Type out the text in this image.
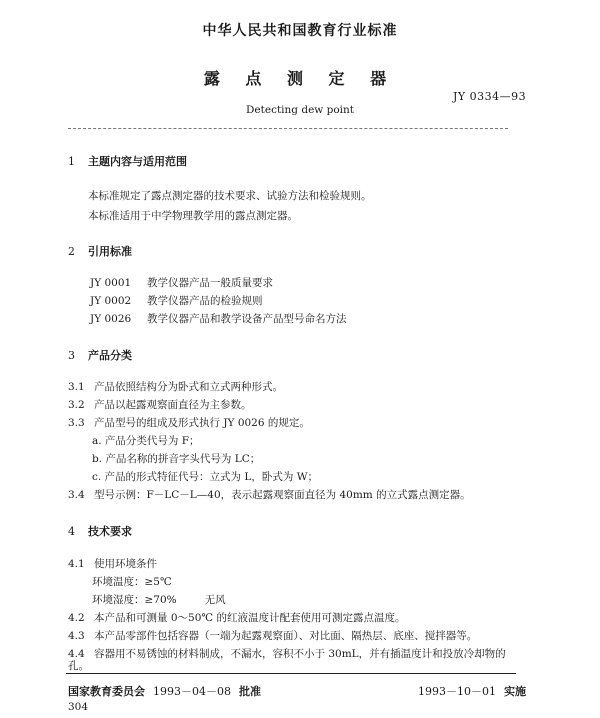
中华人民共和国教育行业标准
露 点 测 定 器
JY 0334—93
Detecting dew point
1 主题内容与适用范围
本标准规定了露点测定器的技术要求、试验方法和检验规则。
本标准适用于中学物理教学用的露点测定器。
2 引用标准
JY 0001 教学仪器产品一般质量要求
JY 0002 教学仪器产品的检验规则
JY 0026 教学仪器产品和教学设备产品型号命名方法
3 产品分类
3.1 产品依照结构分为卧式和立式两种形式。
3.2 产品以起露观察面直径为主参数。
3.3 产品型号的组成及形式执行 JY 0026 的规定。
a. 产品分类代号为 F；
b. 产品名称的拼音字头代号为 LC；
c. 产品的形式特征代号：立式为 L，卧式为 W；
3.4 型号示例：F－LC－L—40，表示起露观察面直径为 40mm 的立式露点测定器。
4 技术要求
4.1 使用环境条件
环境温度：≥5℃
环境湿度：≥70%	无风
4.2 本产品和可测量 0～50℃ 的红液温度计配套使用可测定露点温度。
4.3 本产品零部件包括容器（一端为起露观察面）、对比面、隔热层、底座、搅拌器等。
4.4 容器用不易锈蚀的材料制成，不漏水，容积不小于 30mL，并有插温度计和投放冷却物的
孔。
国家教育委员会 1993－04－08 批准	1993－10－01 实施
304
